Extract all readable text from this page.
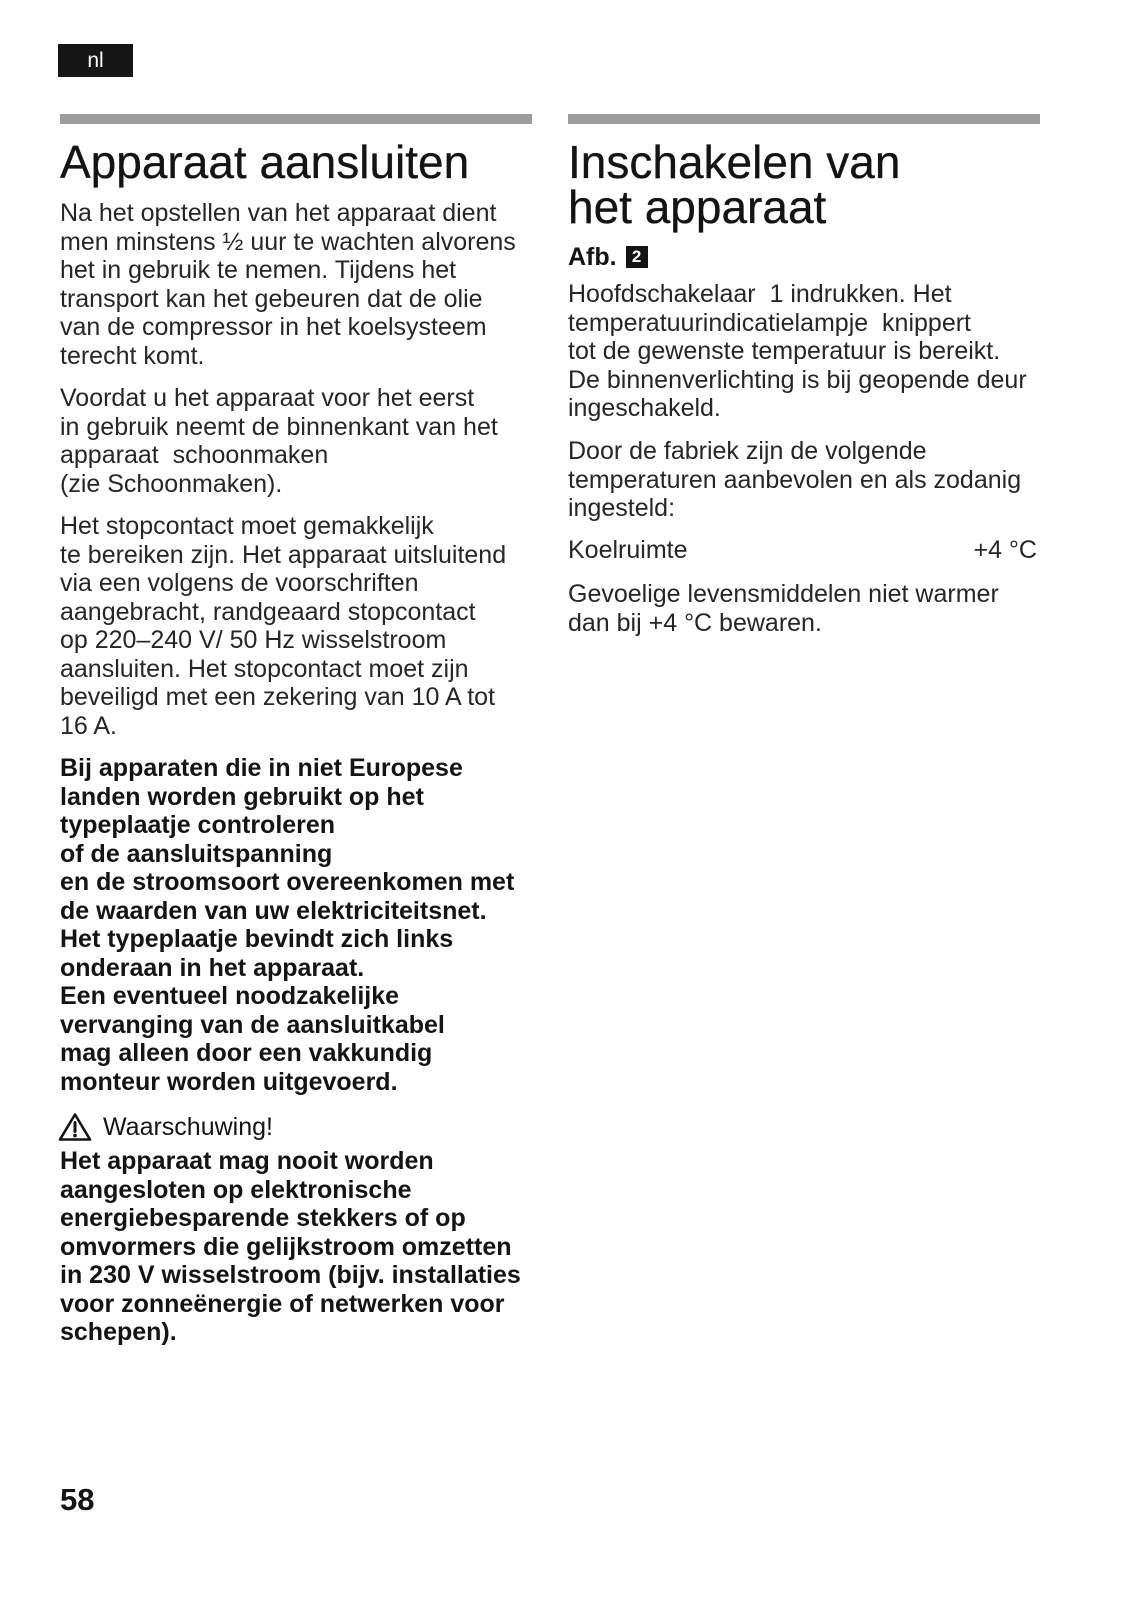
nl
Apparaat aansluiten
Na het opstellen van het apparaat dient
men minstens ½ uur te wachten alvorens
het in gebruik te nemen. Tijdens het
transport kan het gebeuren dat de olie
van de compressor in het koelsysteem
terecht komt.
Voordat u het apparaat voor het eerst
in gebruik neemt de binnenkant van het
apparaat  schoonmaken
(zie Schoonmaken).
Het stopcontact moet gemakkelijk
te bereiken zijn. Het apparaat uitsluitend
via een volgens de voorschriften
aangebracht, randgeaard stopcontact
op 220–240 V/ 50 Hz wisselstroom
aansluiten. Het stopcontact moet zijn
beveiligd met een zekering van 10 A tot
16 A.
Bij apparaten die in niet Europese
landen worden gebruikt op het
typeplaatje controleren
of de aansluitspanning
en de stroomsoort overeenkomen met
de waarden van uw elektriciteitsnet.
Het typeplaatje bevindt zich links
onderaan in het apparaat.
Een eventueel noodzakelijke
vervanging van de aansluitkabel
mag alleen door een vakkundig
monteur worden uitgevoerd.
Waarschuwing!
Het apparaat mag nooit worden
aangesloten op elektronische
energiebesparende stekkers of op
omvormers die gelijkstroom omzetten
in 230 V wisselstroom (bijv. installaties
voor zonneënergie of netwerken voor
schepen).
58
Inschakelen van
het apparaat
Afb. 2
Hoofdschakelaar  1 indrukken. Het
temperatuurindicatielampje  knippert
tot de gewenste temperatuur is bereikt.
De binnenverlichting is bij geopende deur
ingeschakeld.
Door de fabriek zijn de volgende
temperaturen aanbevolen en als zodanig
ingesteld:
Koelruimte	+4 °C
Gevoelige levensmiddelen niet warmer
dan bij +4 °C bewaren.
